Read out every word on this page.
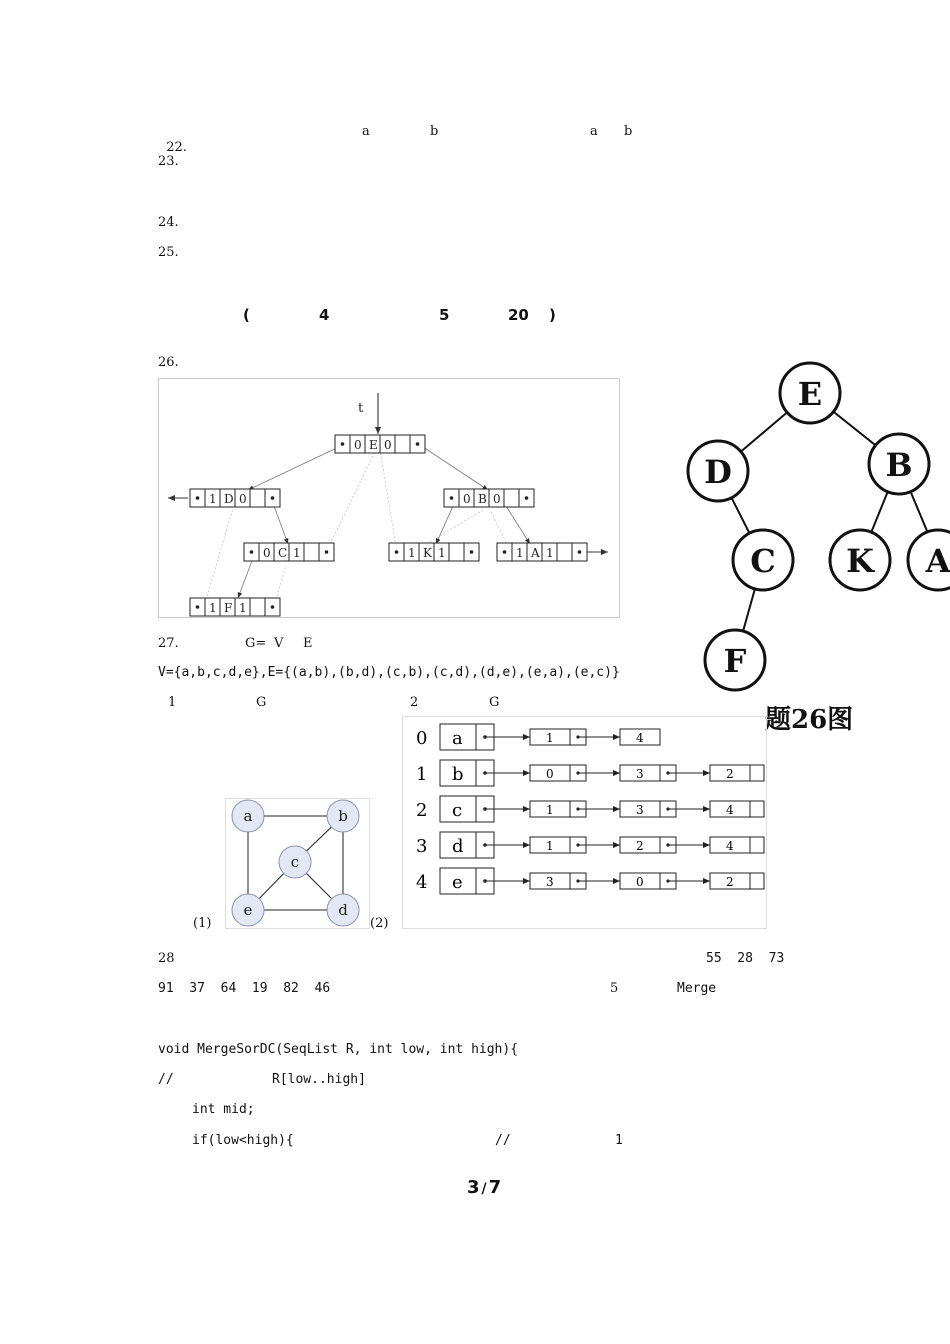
22.

a	b	a b
23.
24.
25.
(	4	5	20 )
26.
t
0 E 0
1 D 0	0 B 0
0 C 1	1 K 1	1 A 1
1 F 1
E
D	B
C K A
F
题26图
27.	G= V E
V={a,b,c,d,e},E={(a,b),(b,d),(c,b),(c,d),(d,e),(e,a),(e,c)}
1	G	2	G
a	b
c
d
e
(1)	(2)
0 a	1	4
1 b	0	3	2
2 c	1	3	4
3 d	1	2	4
4 e	3	0	2
28	55  28  73
91  37  64  19  82  46	5	Merge
void MergeSorDC(SeqList R, int low, int high){
//	R[low..high]
int mid;
if(low<high){	//	1
3 / 7
